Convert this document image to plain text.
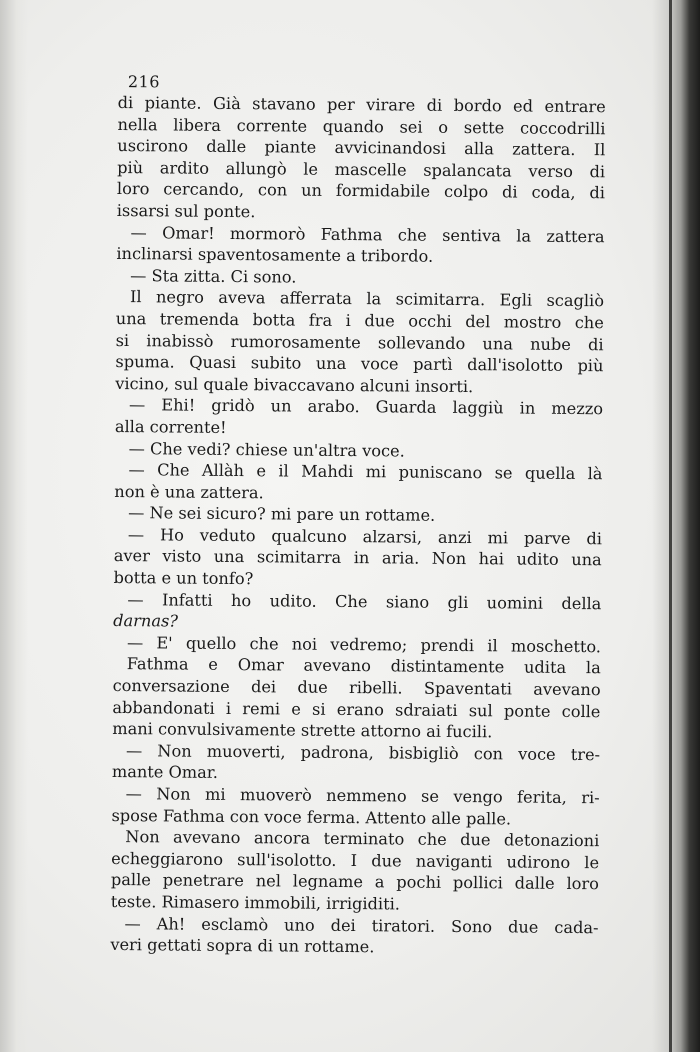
216
di piante. Già stavano per virare di bordo ed entrare
nella libera corrente quando sei o sette coccodrilli
uscirono dalle piante avvicinandosi alla zattera. Il
più ardito allungò le mascelle spalancata verso di
loro cercando, con un formidabile colpo di coda, di
issarsi sul ponte.
— Omar! mormorò Fathma che sentiva la zattera
inclinarsi spaventosamente a tribordo.
— Sta zitta. Ci sono.
Il negro aveva afferrata la scimitarra. Egli scagliò
una tremenda botta fra i due occhi del mostro che
si inabissò rumorosamente sollevando una nube di
spuma. Quasi subito una voce partì dall'isolotto più
vicino, sul quale bivaccavano alcuni insorti.
— Ehi! gridò un arabo. Guarda laggiù in mezzo
alla corrente!
— Che vedi? chiese un'altra voce.
— Che Allàh e il Mahdi mi puniscano se quella là
non è una zattera.
— Ne sei sicuro? mi pare un rottame.
— Ho veduto qualcuno alzarsi, anzi mi parve di
aver visto una scimitarra in aria. Non hai udito una
botta e un tonfo?
— Infatti ho udito. Che siano gli uomini della
darnas?
— E' quello che noi vedremo; prendi il moschetto.
Fathma e Omar avevano distintamente udita la
conversazione dei due ribelli. Spaventati avevano
abbandonati i remi e si erano sdraiati sul ponte colle
mani convulsivamente strette attorno ai fucili.
— Non muoverti, padrona, bisbigliò con voce tre-
mante Omar.
— Non mi muoverò nemmeno se vengo ferita, ri-
spose Fathma con voce ferma. Attento alle palle.
Non avevano ancora terminato che due detonazioni
echeggiarono sull'isolotto. I due naviganti udirono le
palle penetrare nel legname a pochi pollici dalle loro
teste. Rimasero immobili, irrigiditi.
— Ah! esclamò uno dei tiratori. Sono due cada-
veri gettati sopra di un rottame.
